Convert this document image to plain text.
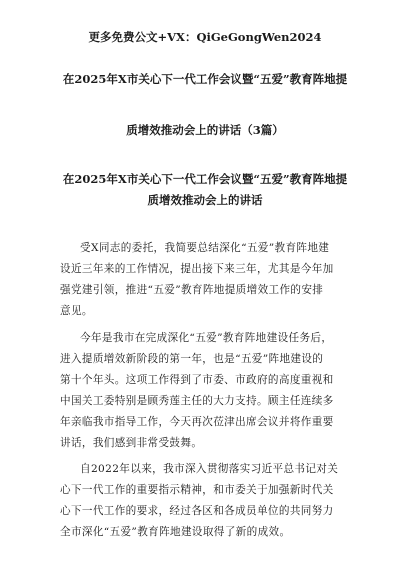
更多免费公文+VX：QiGeGongWen2024
在2025年X市关心下一代工作会议暨“五爱”教育阵地提
质增效推动会上的讲话（3篇）
在2025年X市关心下一代工作会议暨“五爱”教育阵地提
质增效推动会上的讲话
受X同志的委托，我简要总结深化“五爱”教育阵地建
设近三年来的工作情况，提出接下来三年，尤其是今年加
强党建引领，推进“五爱”教育阵地提质增效工作的安排
意见。
今年是我市在完成深化“五爱”教育阵地建设任务后，
进入提质增效新阶段的第一年，也是“五爱”阵地建设的
第十个年头。这项工作得到了市委、市政府的高度重视和
中国关工委特别是顾秀莲主任的大力支持。顾主任连续多
年亲临我市指导工作，今天再次莅津出席会议并将作重要
讲话，我们感到非常受鼓舞。
自2022年以来，我市深入贯彻落实习近平总书记对关
心下一代工作的重要指示精神，和市委关于加强新时代关
心下一代工作的要求，经过各区和各成员单位的共同努力
全市深化“五爱”教育阵地建设取得了新的成效。
